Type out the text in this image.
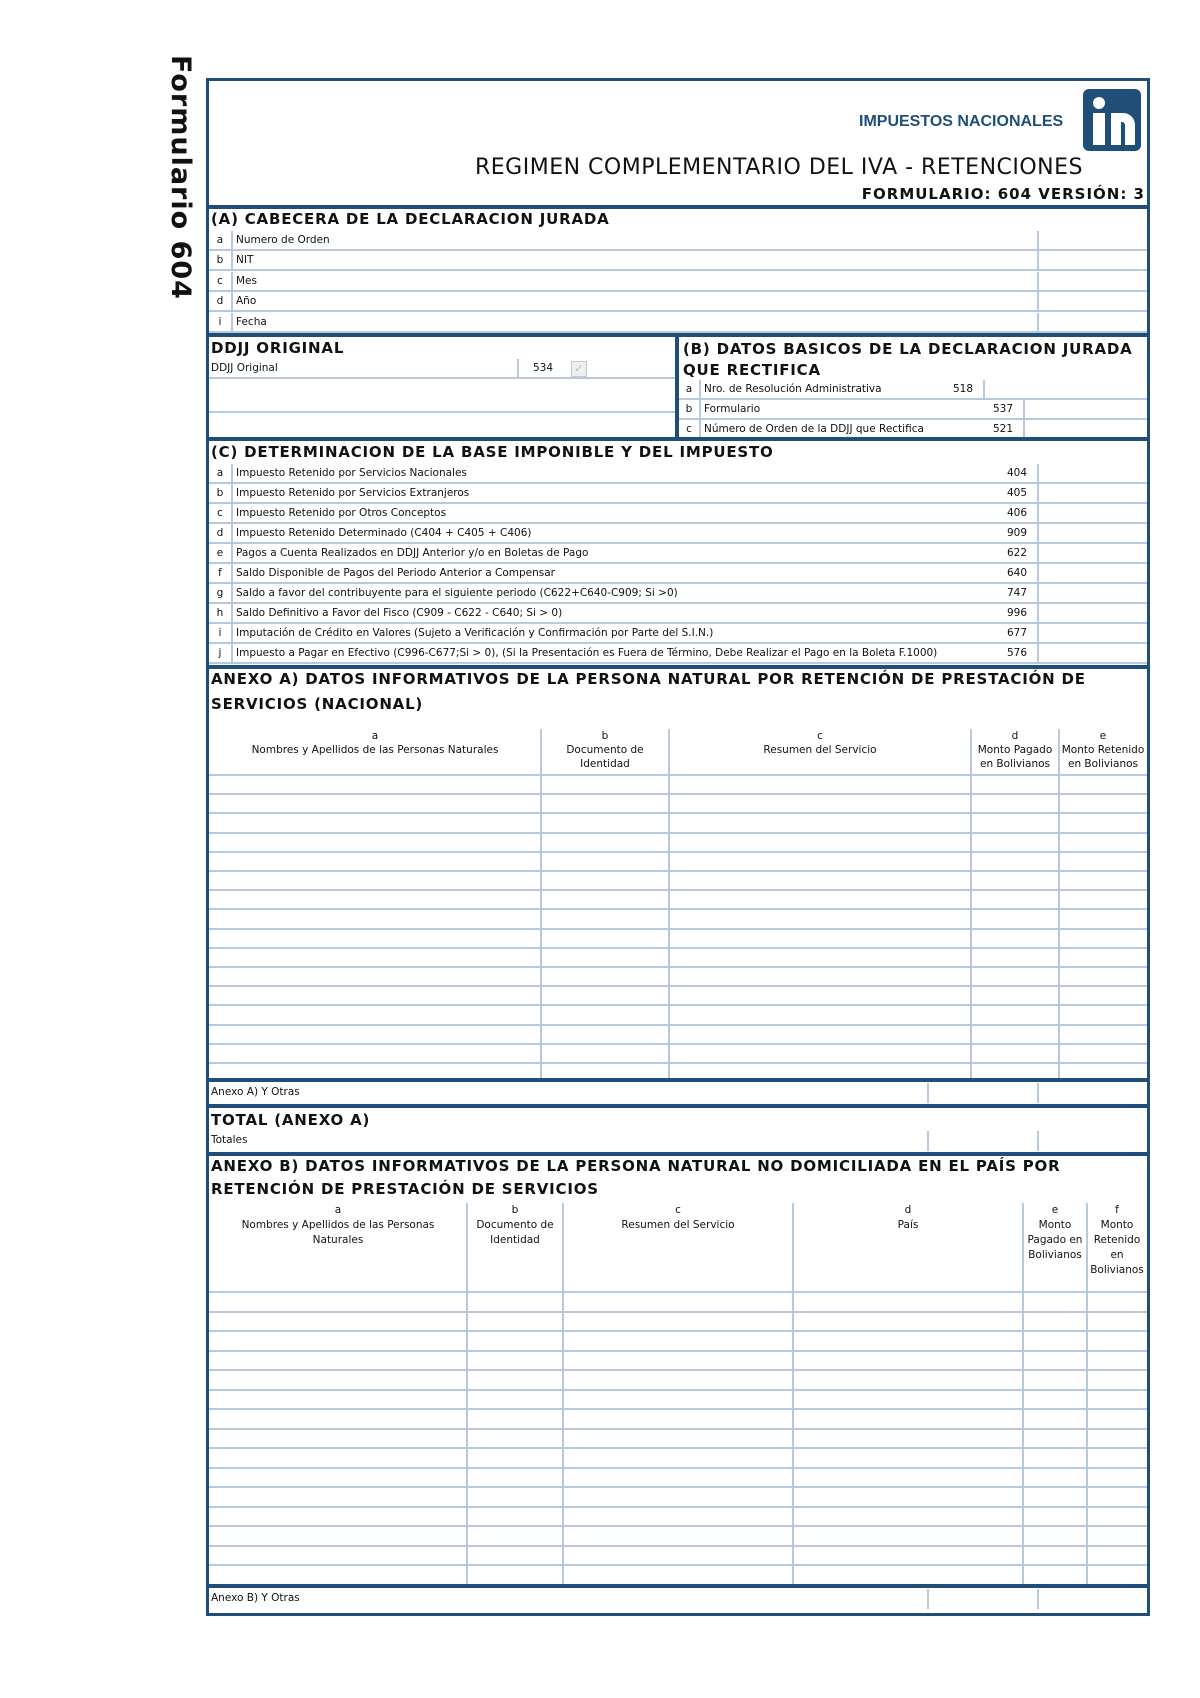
Formulario 604	IMPUESTOS NACIONALES
REGIMEN COMPLEMENTARIO DEL IVA - RETENCIONES
FORMULARIO: 604 VERSIÓN: 3
(A) CABECERA DE LA DECLARACION JURADA
a	Numero de Orden
b	NIT
c	Mes
d	Año
i	Fecha
DDJJ ORIGINAL
DDJJ Original	534	✓
(B) DATOS BASICOS DE LA DECLARACION JURADA
QUE RECTIFICA
a	Nro. de Resolución Administrativa	518
b	Formulario	537
c	Número de Orden de la DDJJ que Rectifica	521
(C) DETERMINACION DE LA BASE IMPONIBLE Y DEL IMPUESTO
a	Impuesto Retenido por Servicios Nacionales	404
b	Impuesto Retenido por Servicios Extranjeros	405
c	Impuesto Retenido por Otros Conceptos	406
d	Impuesto Retenido Determinado (C404 + C405 + C406)	909
e	Pagos a Cuenta Realizados en DDJJ Anterior y/o en Boletas de Pago	622
f	Saldo Disponible de Pagos del Periodo Anterior a Compensar	640
g	Saldo a favor del contribuyente para el siguiente periodo (C622+C640-C909; Si >0)	747
h	Saldo Definitivo a Favor del Fisco (C909 - C622 - C640; Si > 0)	996
i	Imputación de Crédito en Valores (Sujeto a Verificación y Confirmación por Parte del S.I.N.)	677
j	Impuesto a Pagar en Efectivo (C996-C677;Si > 0), (Si la Presentación es Fuera de Término, Debe Realizar el Pago en la Boleta F.1000)	576
ANEXO A) DATOS INFORMATIVOS DE LA PERSONA NATURAL POR RETENCIÓN DE PRESTACIÓN DE
SERVICIOS (NACIONAL)
a
Nombres y Apellidos de las Personas Naturales
b
Documento de
Identidad
c
Resumen del Servicio
d
Monto Pagado
en Bolivianos
e
Monto Retenido
en Bolivianos
Anexo A) Y Otras
TOTAL (ANEXO A)
Totales
ANEXO B) DATOS INFORMATIVOS DE LA PERSONA NATURAL NO DOMICILIADA EN EL PAÍS POR
RETENCIÓN DE PRESTACIÓN DE SERVICIOS
a
Nombres y Apellidos de las Personas
Naturales
b
Documento de
Identidad
c
Resumen del Servicio
d
País
e
Monto
Pagado en
Bolivianos
f
Monto
Retenido
en
Bolivianos
Anexo B) Y Otras
